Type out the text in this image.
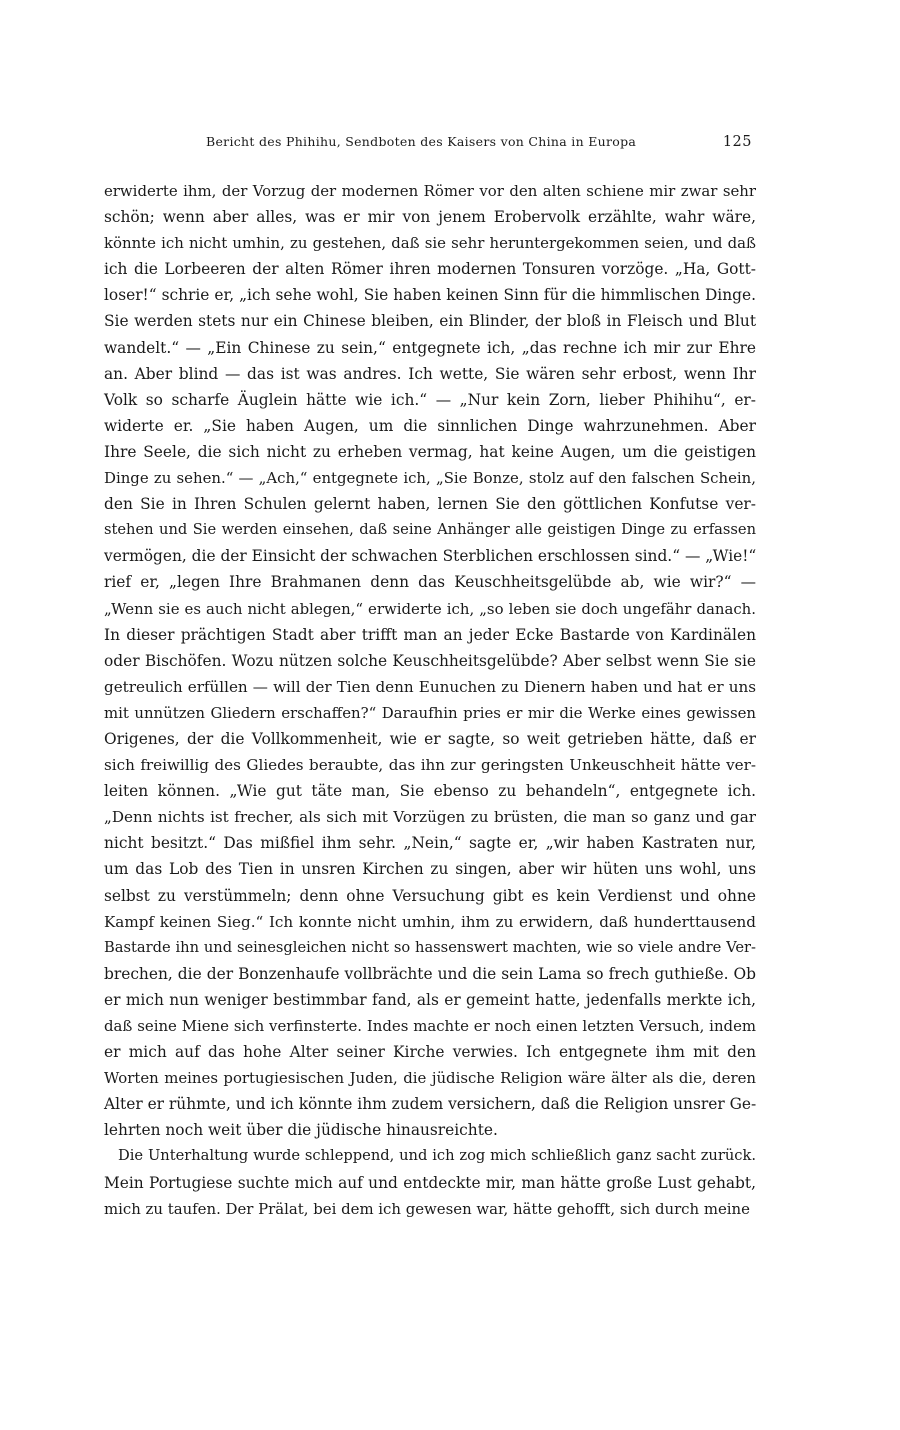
Bericht des Phihihu, Sendboten des Kaisers von China in Europa	125
erwiderte ihm, der Vorzug der modernen Römer vor den alten schiene mir zwar sehr
schön; wenn aber alles, was er mir von jenem Erobervolk erzählte, wahr wäre,
könnte ich nicht umhin, zu gestehen, daß sie sehr heruntergekommen seien, und daß
ich die Lorbeeren der alten Römer ihren modernen Tonsuren vorzöge. „Ha, Gott-
loser!“ schrie er, „ich sehe wohl, Sie haben keinen Sinn für die himmlischen Dinge.
Sie werden stets nur ein Chinese bleiben, ein Blinder, der bloß in Fleisch und Blut
wandelt.“ — „Ein Chinese zu sein,“ entgegnete ich, „das rechne ich mir zur Ehre
an. Aber blind — das ist was andres. Ich wette, Sie wären sehr erbost, wenn Ihr
Volk so scharfe Äuglein hätte wie ich.“ — „Nur kein Zorn, lieber Phihihu“, er-
widerte er. „Sie haben Augen, um die sinnlichen Dinge wahrzunehmen. Aber
Ihre Seele, die sich nicht zu erheben vermag, hat keine Augen, um die geistigen
Dinge zu sehen.“ — „Ach,“ entgegnete ich, „Sie Bonze, stolz auf den falschen Schein,
den Sie in Ihren Schulen gelernt haben, lernen Sie den göttlichen Konfutse ver-
stehen und Sie werden einsehen, daß seine Anhänger alle geistigen Dinge zu erfassen
vermögen, die der Einsicht der schwachen Sterblichen erschlossen sind.“ — „Wie!“
rief er, „legen Ihre Brahmanen denn das Keuschheitsgelübde ab, wie wir?“ —
„Wenn sie es auch nicht ablegen,“ erwiderte ich, „so leben sie doch ungefähr danach.
In dieser prächtigen Stadt aber trifft man an jeder Ecke Bastarde von Kardinälen
oder Bischöfen. Wozu nützen solche Keuschheitsgelübde? Aber selbst wenn Sie sie
getreulich erfüllen — will der Tien denn Eunuchen zu Dienern haben und hat er uns
mit unnützen Gliedern erschaffen?“ Daraufhin pries er mir die Werke eines gewissen
Origenes, der die Vollkommenheit, wie er sagte, so weit getrieben hätte, daß er
sich freiwillig des Gliedes beraubte, das ihn zur geringsten Unkeuschheit hätte ver-
leiten können. „Wie gut täte man, Sie ebenso zu behandeln“, entgegnete ich.
„Denn nichts ist frecher, als sich mit Vorzügen zu brüsten, die man so ganz und gar
nicht besitzt.“ Das mißfiel ihm sehr. „Nein,“ sagte er, „wir haben Kastraten nur,
um das Lob des Tien in unsren Kirchen zu singen, aber wir hüten uns wohl, uns
selbst zu verstümmeln; denn ohne Versuchung gibt es kein Verdienst und ohne
Kampf keinen Sieg.“ Ich konnte nicht umhin, ihm zu erwidern, daß hunderttausend
Bastarde ihn und seinesgleichen nicht so hassenswert machten, wie so viele andre Ver-
brechen, die der Bonzenhaufe vollbrächte und die sein Lama so frech guthieße. Ob
er mich nun weniger bestimmbar fand, als er gemeint hatte, jedenfalls merkte ich,
daß seine Miene sich verfinsterte. Indes machte er noch einen letzten Versuch, indem
er mich auf das hohe Alter seiner Kirche verwies. Ich entgegnete ihm mit den
Worten meines portugiesischen Juden, die jüdische Religion wäre älter als die, deren
Alter er rühmte, und ich könnte ihm zudem versichern, daß die Religion unsrer Ge-
lehrten noch weit über die jüdische hinausreichte.
Die Unterhaltung wurde schleppend, und ich zog mich schließlich ganz sacht zurück.
Mein Portugiese suchte mich auf und entdeckte mir, man hätte große Lust gehabt,
mich zu taufen. Der Prälat, bei dem ich gewesen war, hätte gehofft, sich durch meine
